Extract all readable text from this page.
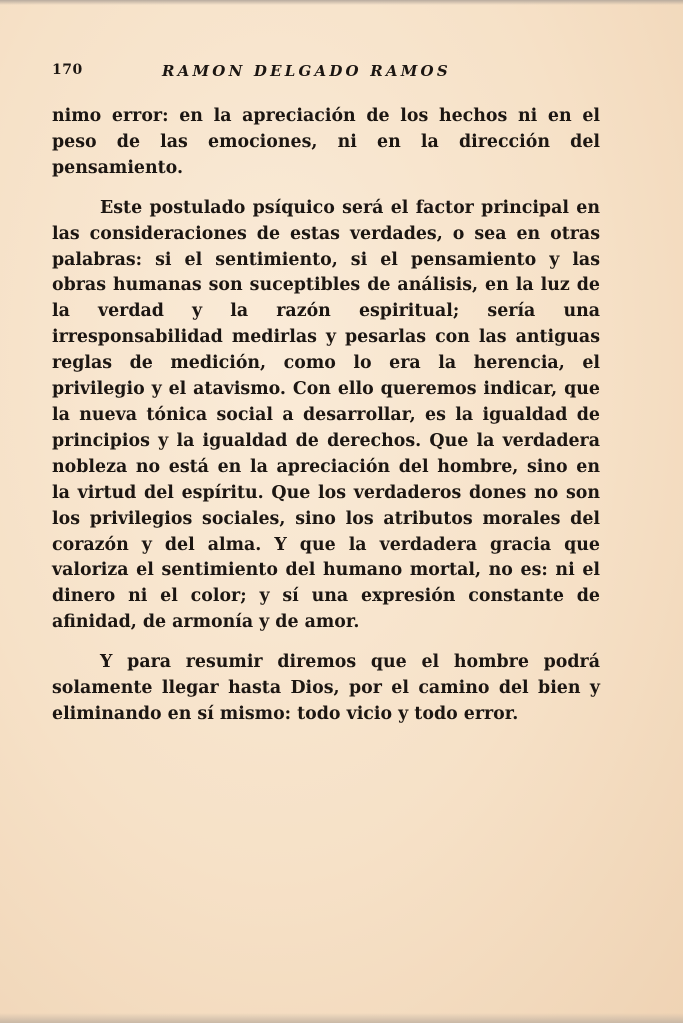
170	RAMON DELGADO RAMOS

nimo error: en la apreciación de los hechos ni en el peso de las emociones, ni en la dirección del pensamiento.

Este postulado psíquico será el factor principal en las consideraciones de estas verdades, o sea en otras palabras: si el sentimiento, si el pensamiento y las obras humanas son suceptibles de análisis, en la luz de la verdad y la razón espiritual; sería una irresponsabilidad medirlas y pesarlas con las antiguas reglas de medición, como lo era la herencia, el privilegio y el atavismo. Con ello queremos indicar, que la nueva tónica social a desarrollar, es la igualdad de principios y la igualdad de derechos. Que la verdadera nobleza no está en la apreciación del hombre, sino en la virtud del espíritu. Que los verdaderos dones no son los privilegios sociales, sino los atributos morales del corazón y del alma. Y que la verdadera gracia que valoriza el sentimiento del humano mortal, no es: ni el dinero ni el color; y sí una expresión constante de afinidad, de armonía y de amor.

Y para resumir diremos que el hombre podrá solamente llegar hasta Dios, por el camino del bien y eliminando en sí mismo: todo vicio y todo error.
